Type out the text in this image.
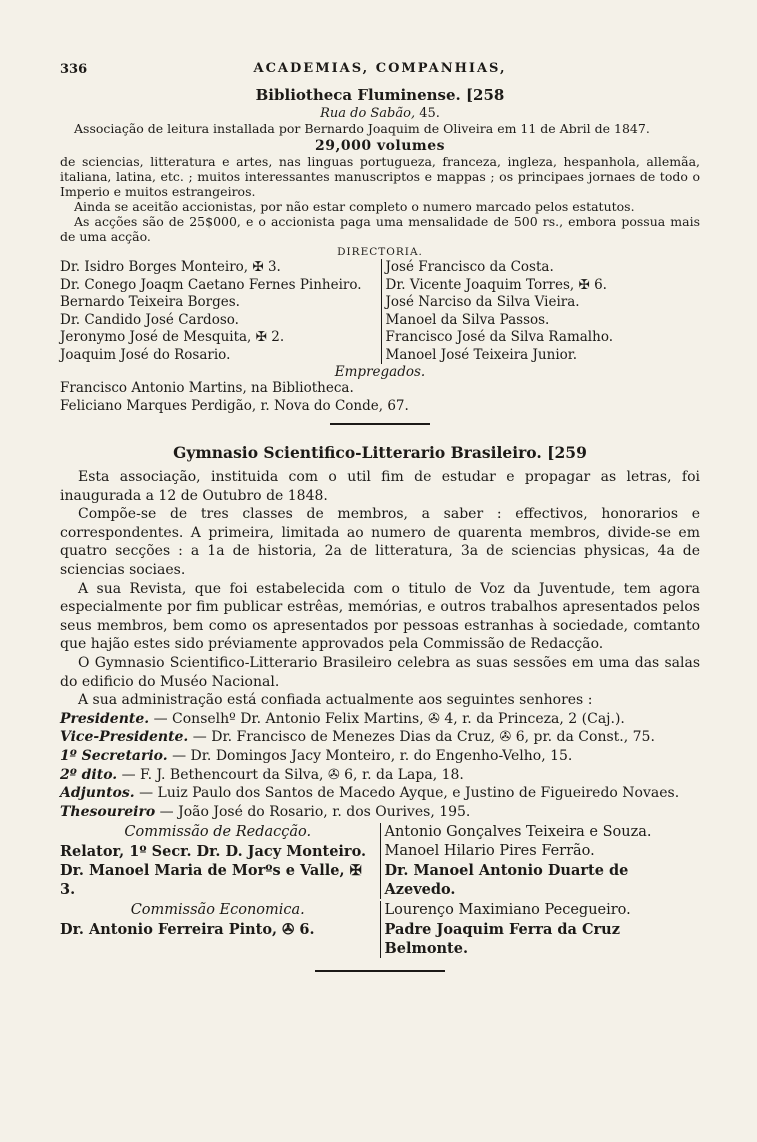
336	ACADEMIAS, COMPANHIAS,
Bibliotheca Fluminense. [258
Rua do Sabão, 45.

Associação de leitura installada por Bernardo Joaquim de Oliveira em 11 de Abril de 1847.

29,000 volumes

de sciencias, litteratura e artes, nas linguas portugueza, franceza, ingleza, hespanhola, allemãa, italiana, latina, etc. ; muitos interessantes manuscriptos e mappas ; os principaes jornaes de todo o Imperio e muitos estrangeiros.

Ainda se aceitão accionistas, por não estar completo o numero marcado pelos estatutos.

As acções são de 25$000, e o accionista paga uma mensalidade de 500 rs., embora possua mais de uma acção.

DIRECTORIA.
Dr. Isidro Borges Monteiro, ✠ 3.
Dr. Conego Joaqm Caetano Fernes Pinheiro.
Bernardo Teixeira Borges.
Dr. Candido José Cardoso.
Jeronymo José de Mesquita, ✠ 2.
Joaquim José do Rosario.
José Francisco da Costa.
Dr. Vicente Joaquim Torres, ✠ 6.
José Narciso da Silva Vieira.
Manoel da Silva Passos.
Francisco José da Silva Ramalho.
Manoel José Teixeira Junior.
Empregados.
Francisco Antonio Martins, na Bibliotheca.
Feliciano Marques Perdigão, r. Nova do Conde, 67.
Gymnasio Scientifico-Litterario Brasileiro. [259

Esta associação, instituida com o util fim de estudar e propagar as letras, foi inaugurada a 12 de Outubro de 1848.

Compõe-se de tres classes de membros, a saber : effectivos, honorarios e correspondentes. A primeira, limitada ao numero de quarenta membros, divide-se em quatro secções : a 1a de historia, 2a de litteratura, 3a de sciencias physicas, 4a de sciencias sociaes.

A sua Revista, que foi estabelecida com o titulo de Voz da Juventude, tem agora especialmente por fim publicar estrêas, memórias, e outros trabalhos apresentados pelos seus membros, bem como os apresentados por pessoas estranhas à sociedade, comtanto que hajão estes sido préviamente approvados pela Commissão de Redacção.

O Gymnasio Scientifico-Litterario Brasileiro celebra as suas sessões em uma das salas do edificio do Muséo Nacional.

A sua administração está confiada actualmente aos seguintes senhores :

Presidente. — Conselhº Dr. Antonio Felix Martins, ✇ 4, r. da Princeza, 2 (Caj.).
Vice-Presidente. — Dr. Francisco de Menezes Dias da Cruz, ✇ 6, pr. da Const., 75.
1º Secretario. — Dr. Domingos Jacy Monteiro, r. do Engenho-Velho, 15.
2º dito. — F. J. Bethencourt da Silva, ✇ 6, r. da Lapa, 18.
Adjuntos. — Luiz Paulo dos Santos de Macedo Ayque, e Justino de Figueiredo Novaes.
Thesoureiro — João José do Rosario, r. dos Ourives, 195.
Commissão de Redacção.
Relator, 1º Secr. Dr. D. Jacy Monteiro.
Dr. Manoel Maria de Morºs e Valle, ✠ 3.
Antonio Gonçalves Teixeira e Souza.
Manoel Hilario Pires Ferrão.
Dr. Manoel Antonio Duarte de Azevedo.
Commissão Economica.
Dr. Antonio Ferreira Pinto, ✇ 6.
Lourenço Maximiano Pecegueiro.
Padre Joaquim Ferra da Cruz Belmonte.
